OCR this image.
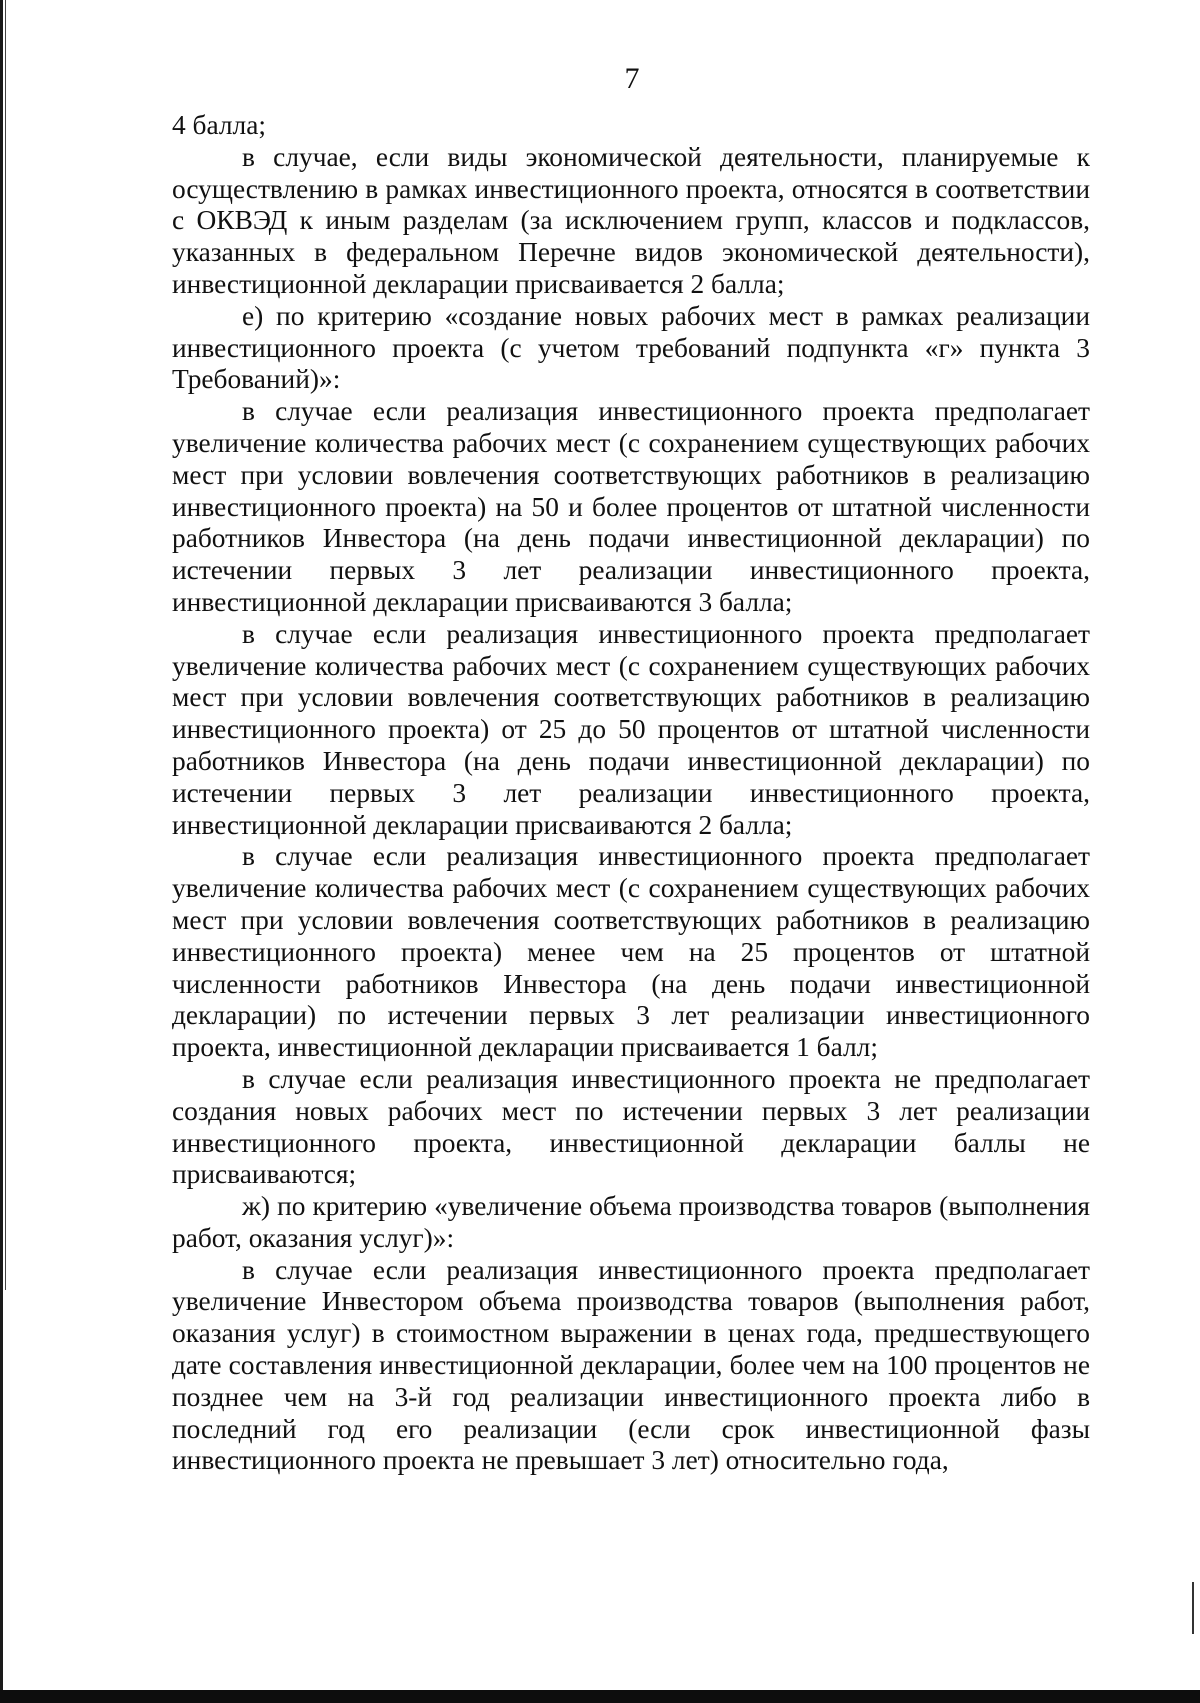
7

4 балла;

в случае, если виды экономической деятельности, планируемые к осуществлению в рамках инвестиционного проекта, относятся в соответствии с ОКВЭД к иным разделам (за исключением групп, классов и подклассов, указанных в федеральном Перечне видов экономической деятельности), инвестиционной декларации присваивается 2 балла;

е) по критерию «создание новых рабочих мест в рамках реализации инвестиционного проекта (с учетом требований подпункта «г» пункта 3 Требований)»:

в случае если реализация инвестиционного проекта предполагает увеличение количества рабочих мест (с сохранением существующих рабочих мест при условии вовлечения соответствующих работников в реализацию инвестиционного проекта) на 50 и более процентов от штатной численности работников Инвестора (на день подачи инвестиционной декларации) по истечении первых 3 лет реализации инвестиционного проекта, инвестиционной декларации присваиваются 3 балла;

в случае если реализация инвестиционного проекта предполагает увеличение количества рабочих мест (с сохранением существующих рабочих мест при условии вовлечения соответствующих работников в реализацию инвестиционного проекта) от 25 до 50 процентов от штатной численности работников Инвестора (на день подачи инвестиционной декларации) по истечении первых 3 лет реализации инвестиционного проекта, инвестиционной декларации присваиваются 2 балла;

в случае если реализация инвестиционного проекта предполагает увеличение количества рабочих мест (с сохранением существующих рабочих мест при условии вовлечения соответствующих работников в реализацию инвестиционного проекта) менее чем на 25 процентов от штатной численности работников Инвестора (на день подачи инвестиционной декларации) по истечении первых 3 лет реализации инвестиционного проекта, инвестиционной декларации присваивается 1 балл;

в случае если реализация инвестиционного проекта не предполагает создания новых рабочих мест по истечении первых 3 лет реализации инвестиционного проекта, инвестиционной декларации баллы не присваиваются;

ж) по критерию «увеличение объема производства товаров (выполнения работ, оказания услуг)»:

в случае если реализация инвестиционного проекта предполагает увеличение Инвестором объема производства товаров (выполнения работ, оказания услуг) в стоимостном выражении в ценах года, предшествующего дате составления инвестиционной декларации, более чем на 100 процентов не позднее чем на 3-й год реализации инвестиционного проекта либо в последний год его реализации (если срок инвестиционной фазы инвестиционного проекта не превышает 3 лет) относительно года,
